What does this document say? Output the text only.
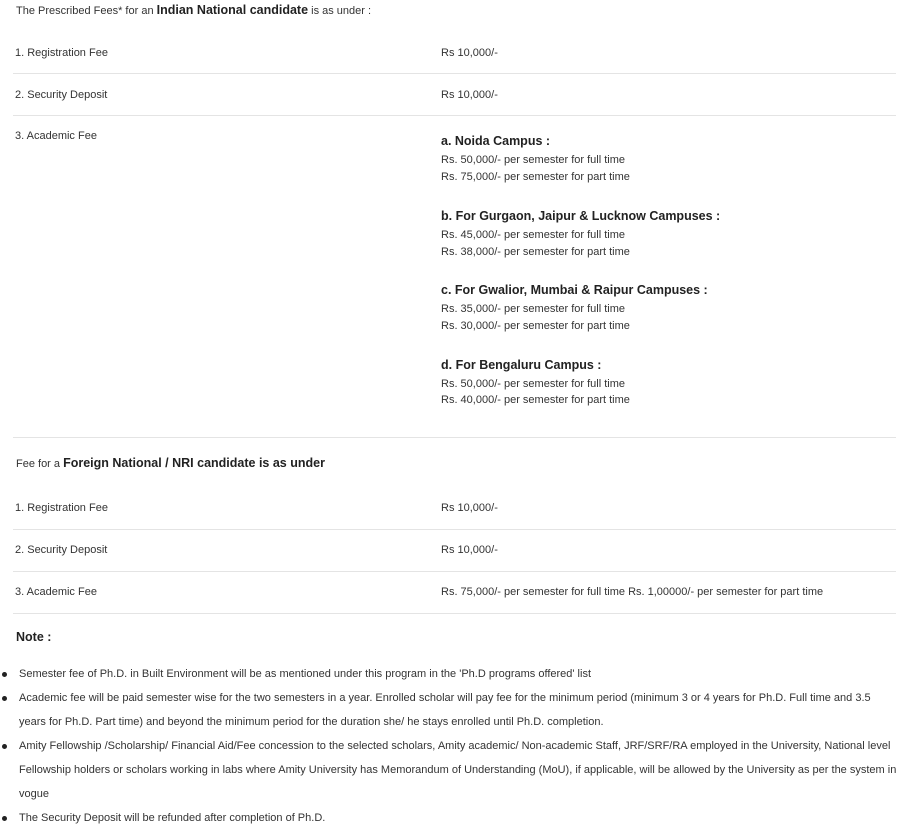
The Prescribed Fees* for an Indian National candidate is as under :
1. Registration Fee	Rs 10,000/-
2. Security Deposit	Rs 10,000/-
3. Academic Fee	a. Noida Campus :
Rs. 50,000/- per semester for full time
Rs. 75,000/- per semester for part time
b. For Gurgaon, Jaipur & Lucknow Campuses :
Rs. 45,000/- per semester for full time
Rs. 38,000/- per semester for part time
c. For Gwalior, Mumbai & Raipur Campuses :
Rs. 35,000/- per semester for full time
Rs. 30,000/- per semester for part time
d. For Bengaluru Campus :
Rs. 50,000/- per semester for full time
Rs. 40,000/- per semester for part time
Fee for a Foreign National / NRI candidate is as under
1. Registration Fee	Rs 10,000/-
2. Security Deposit	Rs 10,000/-
3. Academic Fee	Rs. 75,000/- per semester for full time Rs. 1,00000/- per semester for part time
Note :
Semester fee of Ph.D. in Built Environment will be as mentioned under this program in the 'Ph.D programs offered' list
Academic fee will be paid semester wise for the two semesters in a year. Enrolled scholar will pay fee for the minimum period (minimum 3 or 4 years for Ph.D. Full time and 3.5 years for Ph.D. Part time) and beyond the minimum period for the duration she/ he stays enrolled until Ph.D. completion.
Amity Fellowship /Scholarship/ Financial Aid/Fee concession to the selected scholars, Amity academic/ Non-academic Staff, JRF/SRF/RA employed in the University, National level Fellowship holders or scholars working in labs where Amity University has Memorandum of Understanding (MoU), if applicable, will be allowed by the University as per the system in vogue
The Security Deposit will be refunded after completion of Ph.D.
